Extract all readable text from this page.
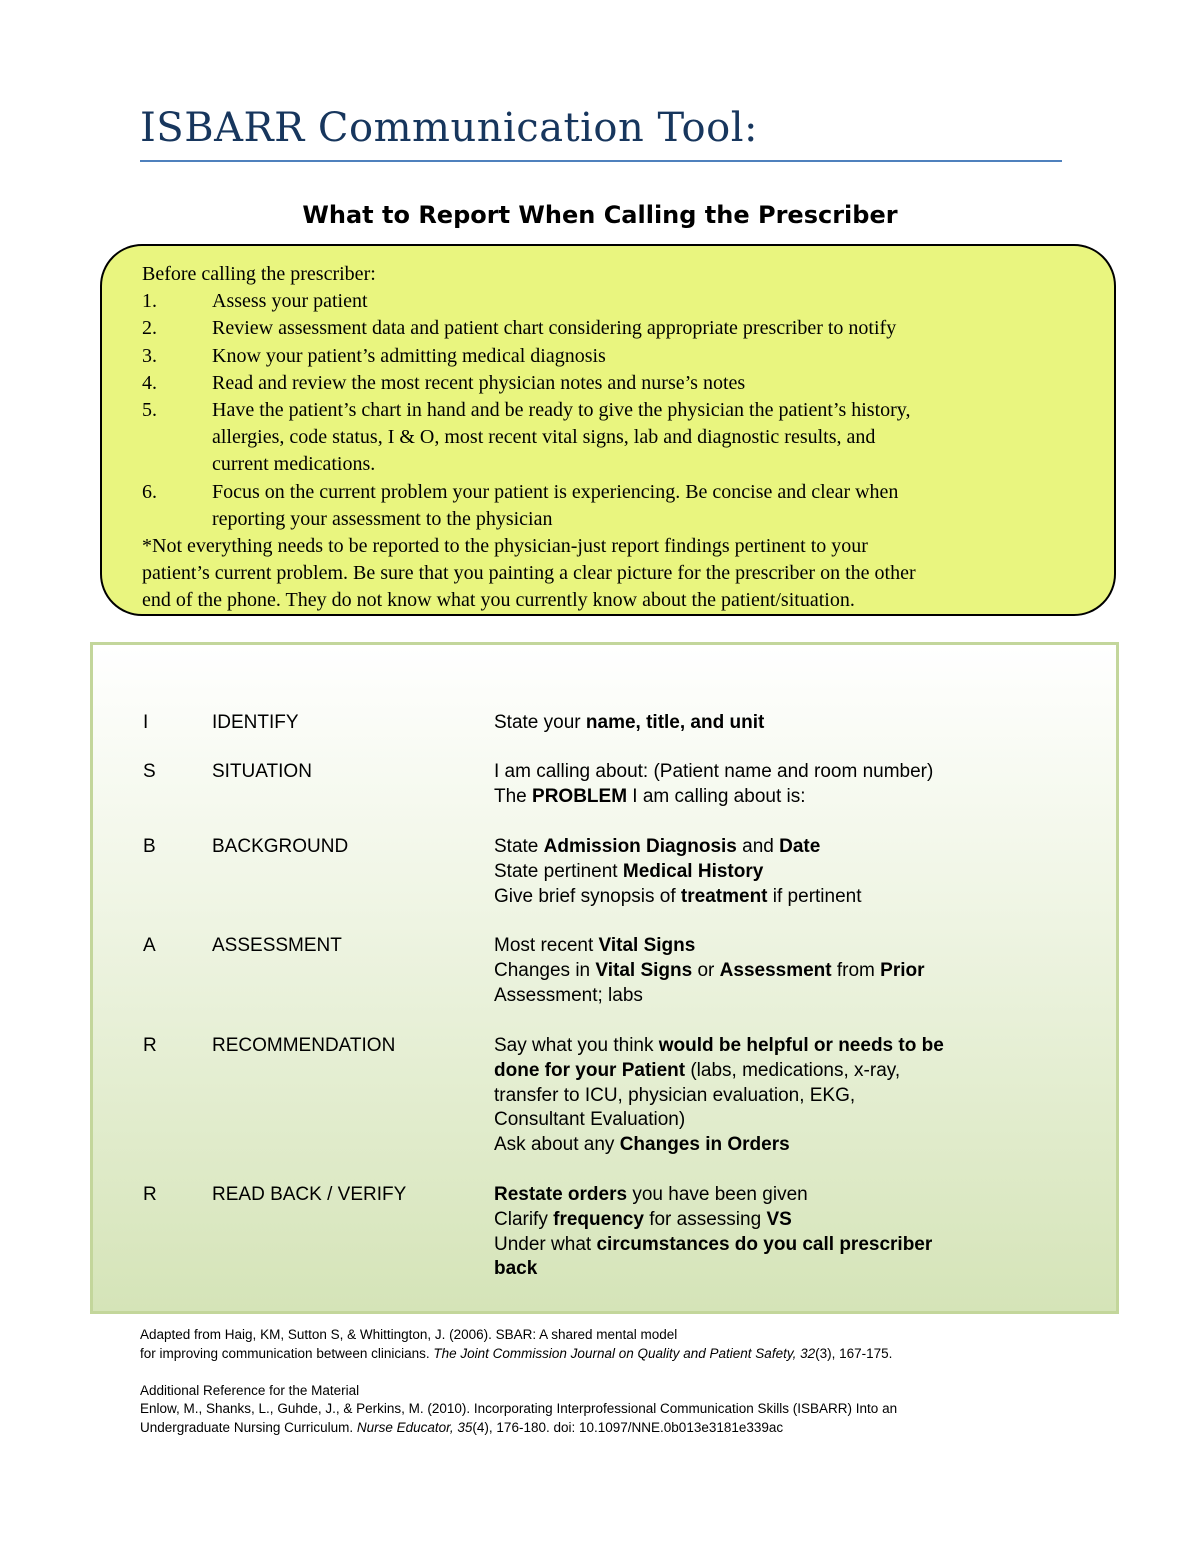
ISBARR Communication Tool:
What to Report When Calling the Prescriber

Before calling the prescriber:

1.	Assess your patient
2.	Review assessment data and patient chart considering appropriate prescriber to notify
3.	Know your patient’s admitting medical diagnosis
4.	Read and review the most recent physician notes and nurse’s notes
5.	Have the patient’s chart in hand and be ready to give the physician the patient’s history,
allergies, code status, I & O, most recent vital signs, lab and diagnostic results, and
current medications.
6.	Focus on the current problem your patient is experiencing. Be concise and clear when
reporting your assessment to the physician
*Not everything needs to be reported to the physician-just report findings pertinent to your
patient’s current problem. Be sure that you painting a clear picture for the prescriber on the other
end of the phone. They do not know what you currently know about the patient/situation.
I	IDENTIFY	State your name, title, and unit
S	SITUATION	I am calling about: (Patient name and room number)
The PROBLEM I am calling about is:
B	BACKGROUND	State Admission Diagnosis and Date
State pertinent Medical History
Give brief synopsis of treatment if pertinent
A	ASSESSMENT	Most recent Vital Signs
Changes in Vital Signs or Assessment from Prior
Assessment; labs
R	RECOMMENDATION	Say what you think would be helpful or needs to be
done for your Patient (labs, medications, x-ray,
transfer to ICU, physician evaluation, EKG,
Consultant Evaluation)
Ask about any Changes in Orders
R	READ BACK / VERIFY	Restate orders you have been given
Clarify frequency for assessing VS
Under what circumstances do you call prescriber
back

Adapted from Haig, KM, Sutton S, & Whittington, J. (2006). SBAR: A shared mental model

for improving communication between clinicians. The Joint Commission Journal on Quality and Patient Safety, 32(3), 167-175.

Additional Reference for the Material

Enlow, M., Shanks, L., Guhde, J., & Perkins, M. (2010). Incorporating Interprofessional Communication Skills (ISBARR) Into an

Undergraduate Nursing Curriculum. Nurse Educator, 35(4), 176-180. doi: 10.1097/NNE.0b013e3181e339ac
